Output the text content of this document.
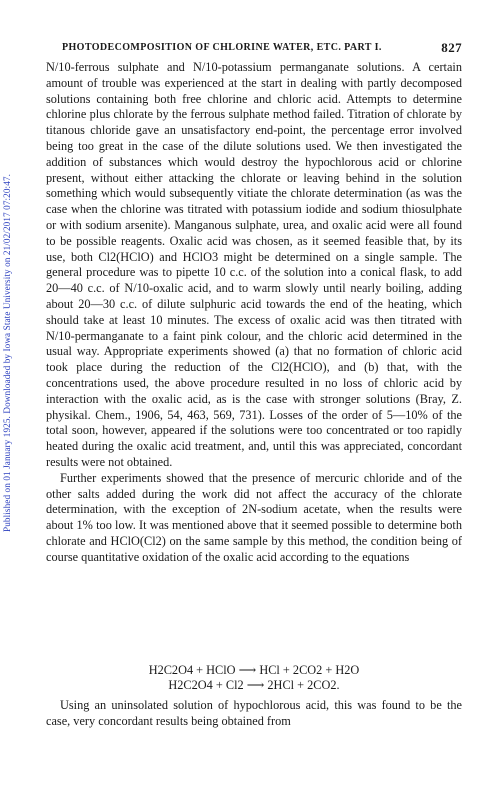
PHOTODECOMPOSITION OF CHLORINE WATER, ETC. PART I.	827
Published on 01 January 1925. Downloaded by Iowa State University on 21/02/2017 07:20:47.

N/10-ferrous sulphate and N/10-potassium permanganate solutions. A certain amount of trouble was experienced at the start in dealing with partly decomposed solutions containing both free chlorine and chloric acid. Attempts to determine chlorine plus chlorate by the ferrous sulphate method failed. Titration of chlorate by titanous chloride gave an unsatisfactory end-point, the percentage error involved being too great in the case of the dilute solutions used. We then investigated the addition of substances which would destroy the hypochlorous acid or chlorine present, without either attacking the chlorate or leaving behind in the solution something which would subsequently vitiate the chlorate determination (as was the case when the chlorine was titrated with potassium iodide and sodium thiosulphate or with sodium arsenite). Manganous sulphate, urea, and oxalic acid were all found to be possible reagents. Oxalic acid was chosen, as it seemed feasible that, by its use, both Cl2(HClO) and HClO3 might be determined on a single sample. The general procedure was to pipette 10 c.c. of the solution into a conical flask, to add 20—40 c.c. of N/10-oxalic acid, and to warm slowly until nearly boiling, adding about 20—30 c.c. of dilute sulphuric acid towards the end of the heating, which should take at least 10 minutes. The excess of oxalic acid was then titrated with N/10-permanganate to a faint pink colour, and the chloric acid determined in the usual way. Appropriate experiments showed (a) that no formation of chloric acid took place during the reduction of the Cl2(HClO), and (b) that, with the concentrations used, the above procedure resulted in no loss of chloric acid by interaction with the oxalic acid, as is the case with stronger solutions (Bray, Z. physikal. Chem., 1906, 54, 463, 569, 731). Losses of the order of 5—10% of the total soon, however, appeared if the solutions were too concentrated or too rapidly heated during the oxalic acid treatment, and, until this was appreciated, concordant results were not obtained.

Further experiments showed that the presence of mercuric chloride and of the other salts added during the work did not affect the accuracy of the chlorate determination, with the exception of 2N-sodium acetate, when the results were about 1% too low. It was mentioned above that it seemed possible to determine both chlorate and HClO(Cl2) on the same sample by this method, the condition being of course quantitative oxidation of the oxalic acid according to the equations

H2C2O4 + HClO ⟶ HCl + 2CO2 + H2O
H2C2O4 + Cl2 ⟶ 2HCl + 2CO2.
Using an uninsolated solution of hypochlorous acid, this was found to be the case, very concordant results being obtained from
